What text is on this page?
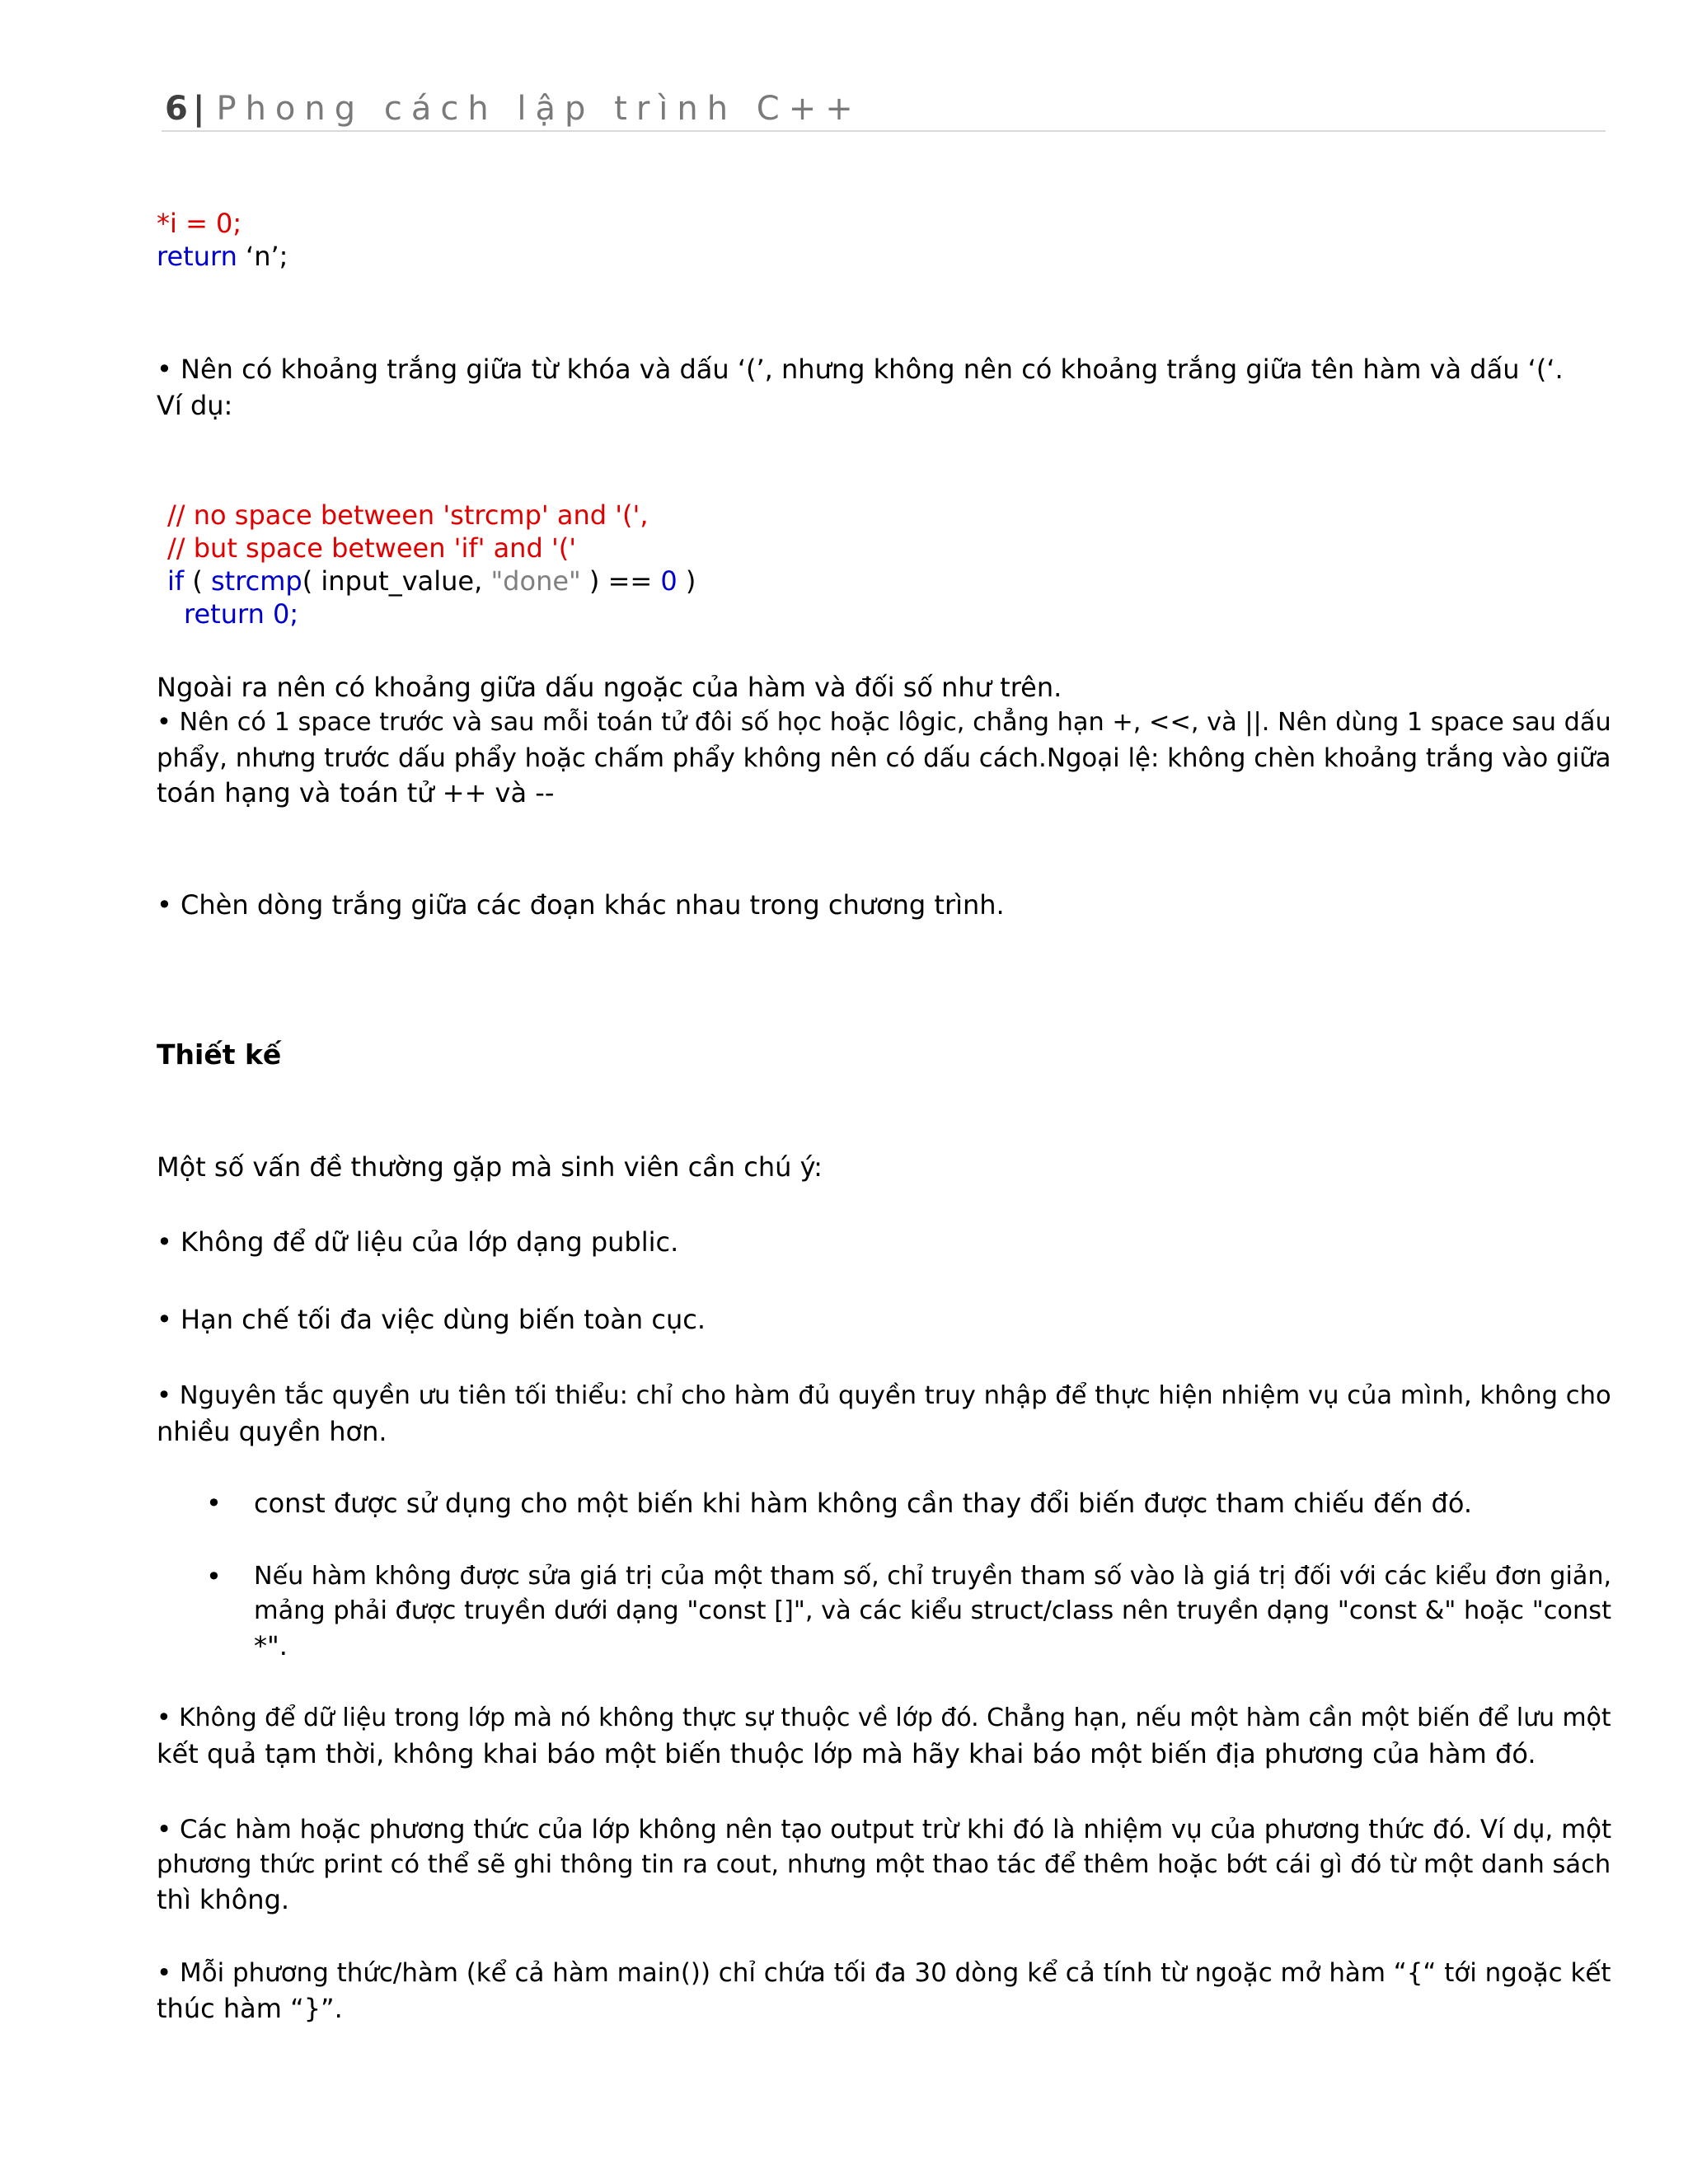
6 | Phong cách lập trình C++
*i = 0;
return ‘n’;
• Nên có khoảng trắng giữa từ khóa và dấu ‘(’, nhưng không nên có khoảng trắng giữa tên hàm và dấu ‘(‘.
Ví dụ:
// no space between 'strcmp' and '(',
// but space between 'if' and '('
if ( strcmp( input_value, "done" ) == 0 )
return 0;
Ngoài ra nên có khoảng giữa dấu ngoặc của hàm và đối số như trên.
• Nên có 1 space trước và sau mỗi toán tử đôi số học hoặc lôgic, chẳng hạn +, <<, và ||. Nên dùng 1 space sau dấu
phẩy, nhưng trước dấu phẩy hoặc chấm phẩy không nên có dấu cách.Ngoại lệ: không chèn khoảng trắng vào giữa
toán hạng và toán tử ++ và --
• Chèn dòng trắng giữa các đoạn khác nhau trong chương trình.
Thiết kế
Một số vấn đề thường gặp mà sinh viên cần chú ý:
• Không để dữ liệu của lớp dạng public.
• Hạn chế tối đa việc dùng biến toàn cục.
• Nguyên tắc quyền ưu tiên tối thiểu: chỉ cho hàm đủ quyền truy nhập để thực hiện nhiệm vụ của mình, không cho
nhiều quyền hơn.
• const được sử dụng cho một biến khi hàm không cần thay đổi biến được tham chiếu đến đó.
• Nếu hàm không được sửa giá trị của một tham số, chỉ truyền tham số vào là giá trị đối với các kiểu đơn giản,
mảng phải được truyền dưới dạng "const []", và các kiểu struct/class nên truyền dạng "const &" hoặc "const
*".
• Không để dữ liệu trong lớp mà nó không thực sự thuộc về lớp đó. Chẳng hạn, nếu một hàm cần một biến để lưu một
kết quả tạm thời, không khai báo một biến thuộc lớp mà hãy khai báo một biến địa phương của hàm đó.
• Các hàm hoặc phương thức của lớp không nên tạo output trừ khi đó là nhiệm vụ của phương thức đó. Ví dụ, một
phương thức print có thể sẽ ghi thông tin ra cout, nhưng một thao tác để thêm hoặc bớt cái gì đó từ một danh sách
thì không.
• Mỗi phương thức/hàm (kể cả hàm main()) chỉ chứa tối đa 30 dòng kể cả tính từ ngoặc mở hàm “{“ tới ngoặc kết
thúc hàm “}”.
